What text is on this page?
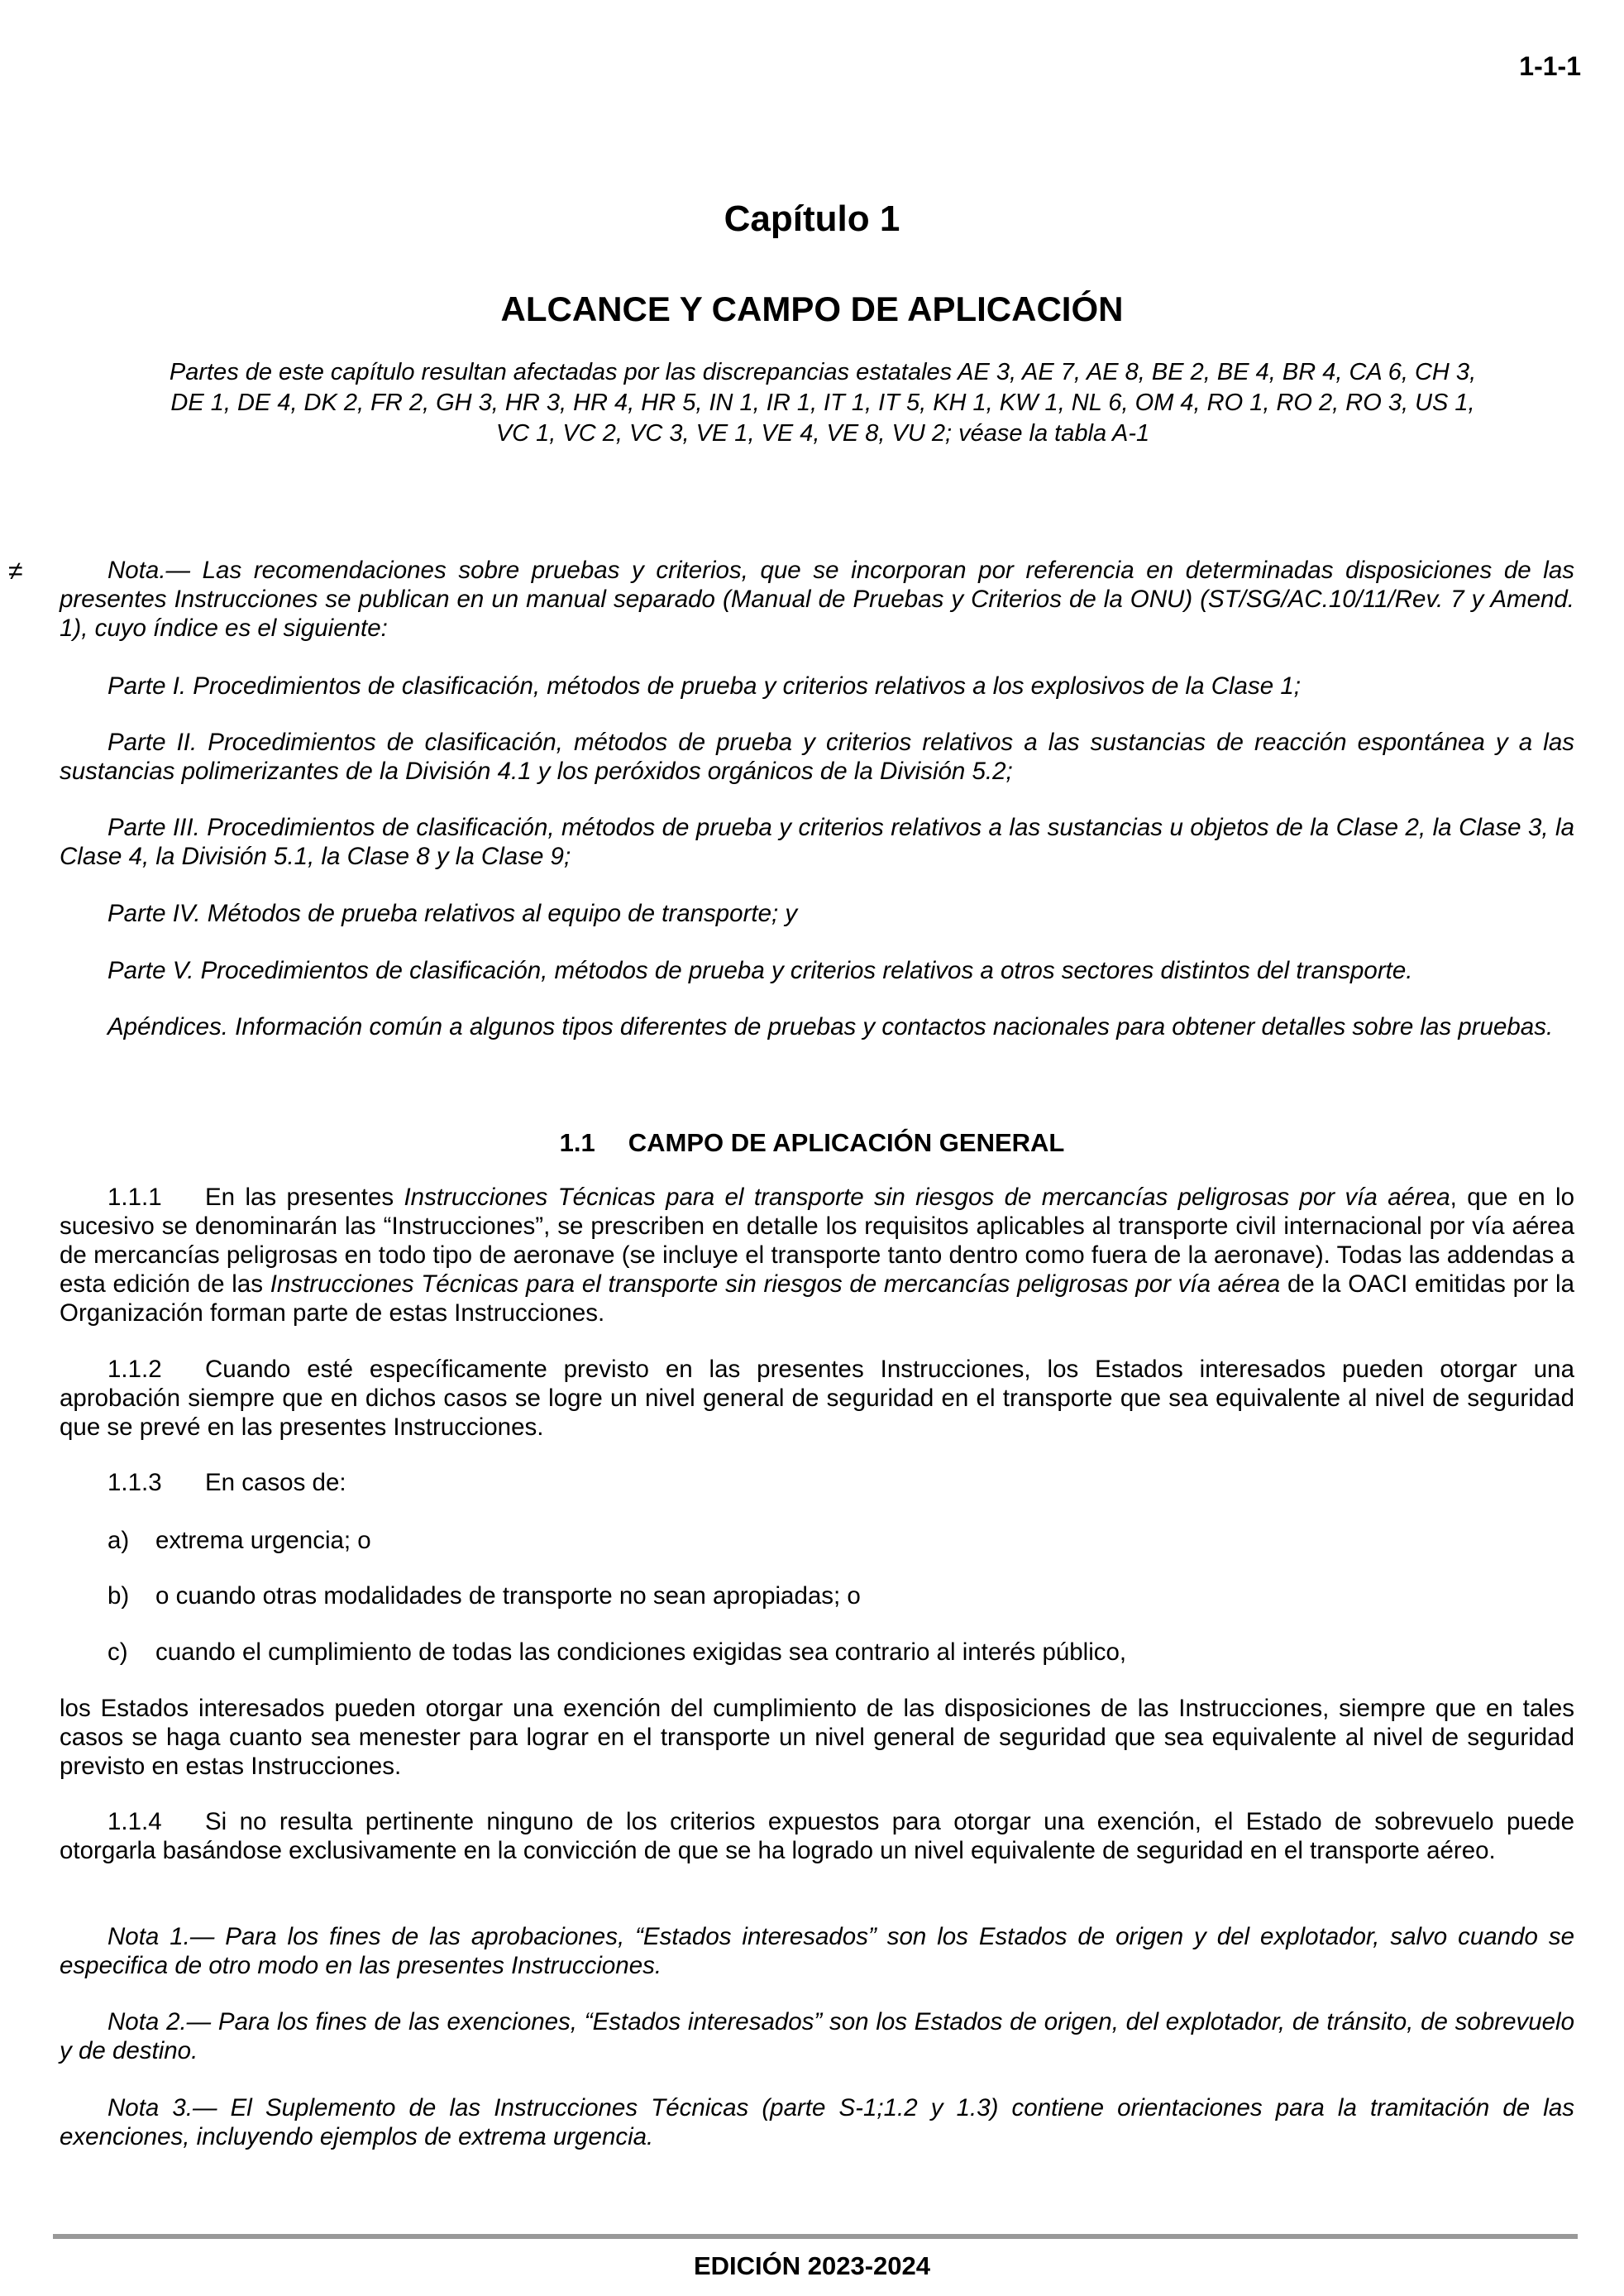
1-1-1
Capítulo 1
ALCANCE Y CAMPO DE APLICACIÓN
Partes de este capítulo resultan afectadas por las discrepancias estatales AE 3, AE 7, AE 8, BE 2, BE 4, BR 4, CA 6, CH 3,
DE 1, DE 4, DK 2, FR 2, GH 3, HR 3, HR 4, HR 5, IN 1, IR 1, IT 1, IT 5, KH 1, KW 1, NL 6, OM 4, RO 1, RO 2, RO 3, US 1,
VC 1, VC 2, VC 3, VE 1, VE 4, VE 8, VU 2; véase la tabla A-1
≠	Nota.— Las recomendaciones sobre pruebas y criterios, que se incorporan por referencia en determinadas disposiciones de las presentes Instrucciones se publican en un manual separado (Manual de Pruebas y Criterios de la ONU) (ST/SG/AC.10/11/Rev. 7 y Amend. 1), cuyo índice es el siguiente:

Parte I. Procedimientos de clasificación, métodos de prueba y criterios relativos a los explosivos de la Clase 1;

Parte II. Procedimientos de clasificación, métodos de prueba y criterios relativos a las sustancias de reacción espontánea y a las sustancias polimerizantes de la División 4.1 y los peróxidos orgánicos de la División 5.2;

Parte III. Procedimientos de clasificación, métodos de prueba y criterios relativos a las sustancias u objetos de la Clase 2, la Clase 3, la Clase 4, la División 5.1, la Clase 8 y la Clase 9;

Parte IV. Métodos de prueba relativos al equipo de transporte; y

Parte V. Procedimientos de clasificación, métodos de prueba y criterios relativos a otros sectores distintos del transporte.

Apéndices. Información común a algunos tipos diferentes de pruebas y contactos nacionales para obtener detalles sobre las pruebas.

1.1 CAMPO DE APLICACIÓN GENERAL

1.1.1 En las presentes Instrucciones Técnicas para el transporte sin riesgos de mercancías peligrosas por vía aérea, que en lo sucesivo se denominarán las “Instrucciones”, se prescriben en detalle los requisitos aplicables al transporte civil internacional por vía aérea de mercancías peligrosas en todo tipo de aeronave (se incluye el transporte tanto dentro como fuera de la aeronave). Todas las addendas a esta edición de las Instrucciones Técnicas para el transporte sin riesgos de mercancías peligrosas por vía aérea de la OACI emitidas por la Organización forman parte de estas Instrucciones.

1.1.2 Cuando esté específicamente previsto en las presentes Instrucciones, los Estados interesados pueden otorgar una aprobación siempre que en dichos casos se logre un nivel general de seguridad en el transporte que sea equivalente al nivel de seguridad que se prevé en las presentes Instrucciones.

1.1.3 En casos de:

a) extrema urgencia; o
b) o cuando otras modalidades de transporte no sean apropiadas; o
c) cuando el cumplimiento de todas las condiciones exigidas sea contrario al interés público,

los Estados interesados pueden otorgar una exención del cumplimiento de las disposiciones de las Instrucciones, siempre que en tales casos se haga cuanto sea menester para lograr en el transporte un nivel general de seguridad que sea equivalente al nivel de seguridad previsto en estas Instrucciones.

1.1.4 Si no resulta pertinente ninguno de los criterios expuestos para otorgar una exención, el Estado de sobrevuelo puede otorgarla basándose exclusivamente en la convicción de que se ha logrado un nivel equivalente de seguridad en el transporte aéreo.

Nota 1.— Para los fines de las aprobaciones, “Estados interesados” son los Estados de origen y del explotador, salvo cuando se especifica de otro modo en las presentes Instrucciones.

Nota 2.— Para los fines de las exenciones, “Estados interesados” son los Estados de origen, del explotador, de tránsito, de sobrevuelo y de destino.

Nota 3.— El Suplemento de las Instrucciones Técnicas (parte S-1;1.2 y 1.3) contiene orientaciones para la tramitación de las exenciones, incluyendo ejemplos de extrema urgencia.

EDICIÓN 2023-2024
